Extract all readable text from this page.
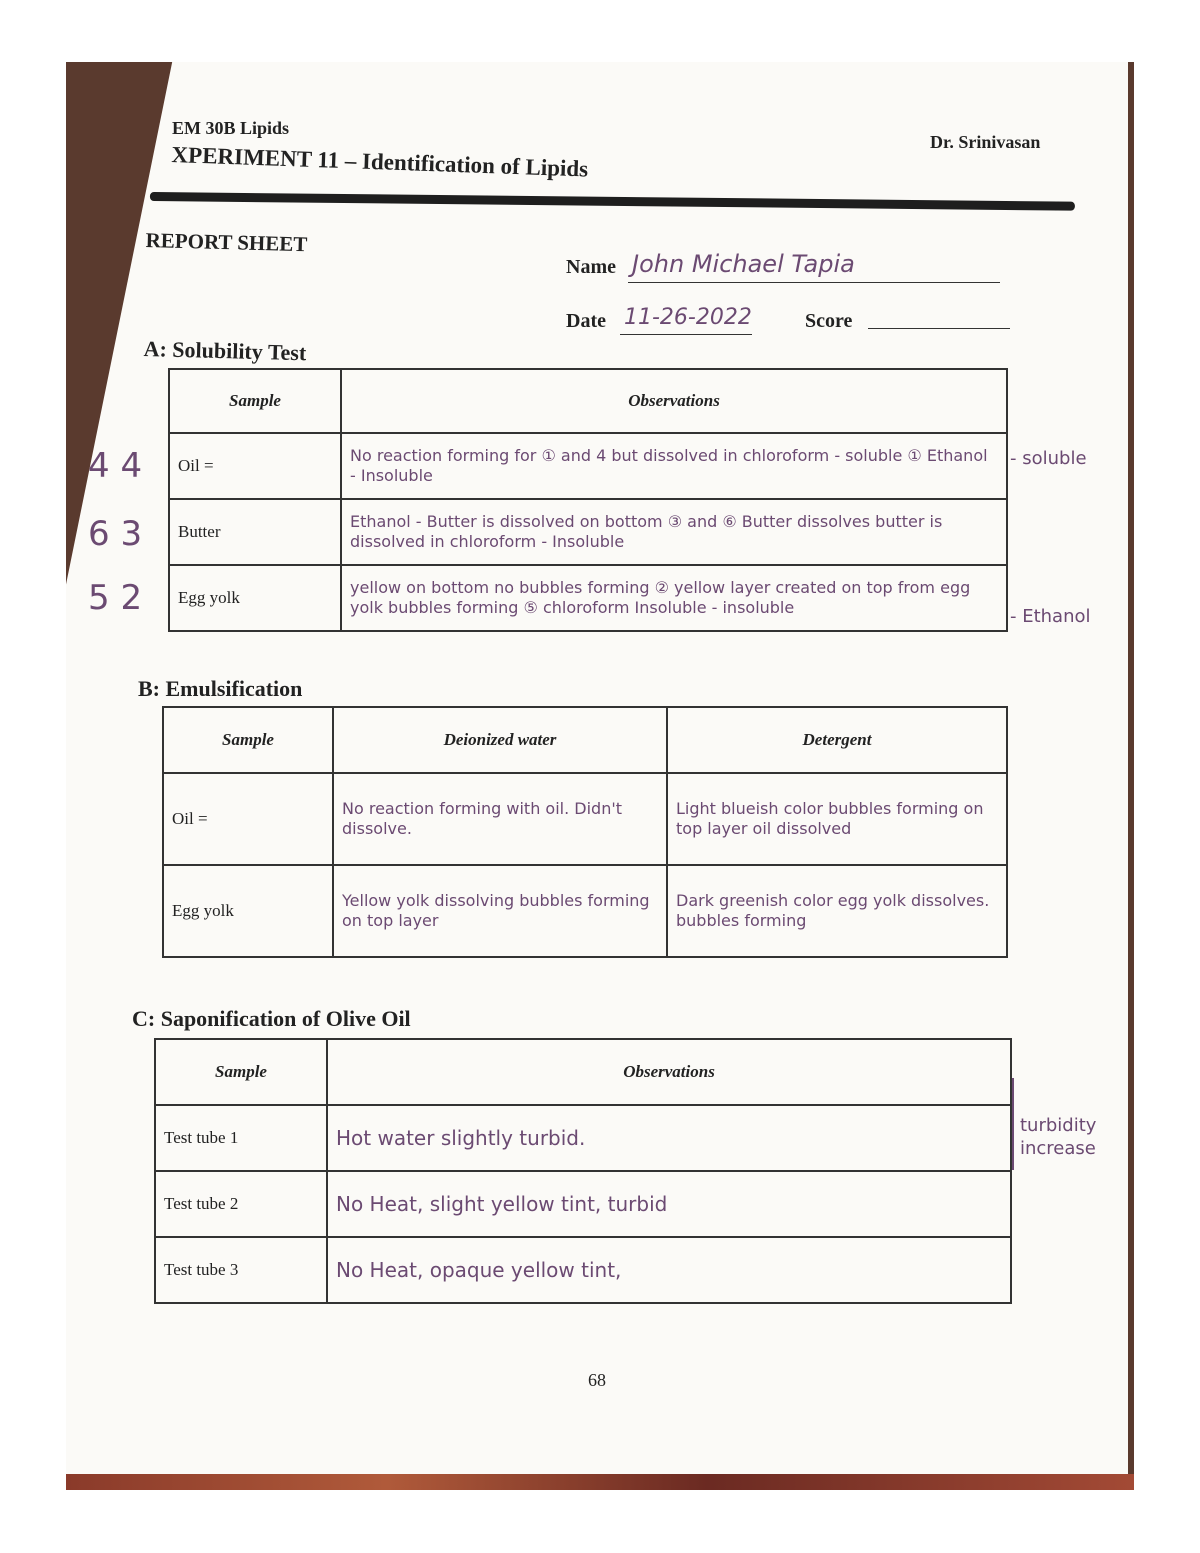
EM 30B Lipids
XPERIMENT 11 – Identification of Lipids	Dr. Srinivasan
REPORT SHEET
Name John Michael Tapia
Date 11-26-2022	Score
A: Solubility Test
4 4
6 3
5 2
- soluble
- Ethanol
Sample	Observations
Oil =	No reaction forming for ① and 4 but dissolved in chloroform - soluble ① Ethanol - Insoluble
Butter	Ethanol - Butter is dissolved on bottom ③ and ⑥ Butter dissolves butter is dissolved in chloroform - Insoluble
Egg yolk	yellow on bottom no bubbles forming ② yellow layer created on top from egg yolk bubbles forming ⑤ chloroform Insoluble - insoluble
B: Emulsification
Sample	Deionized water	Detergent
Oil =	No reaction forming with oil. Didn't dissolve.	Light blueish color bubbles forming on top layer oil dissolved
Egg yolk	Yellow yolk dissolving bubbles forming on top layer	Dark greenish color egg yolk dissolves. bubbles forming
C: Saponification of Olive Oil
Sample	Observations
Test tube 1	Hot water slightly turbid.
Test tube 2	No Heat, slight yellow tint, turbid
Test tube 3	No Heat, opaque yellow tint,
turbidity increase
68
